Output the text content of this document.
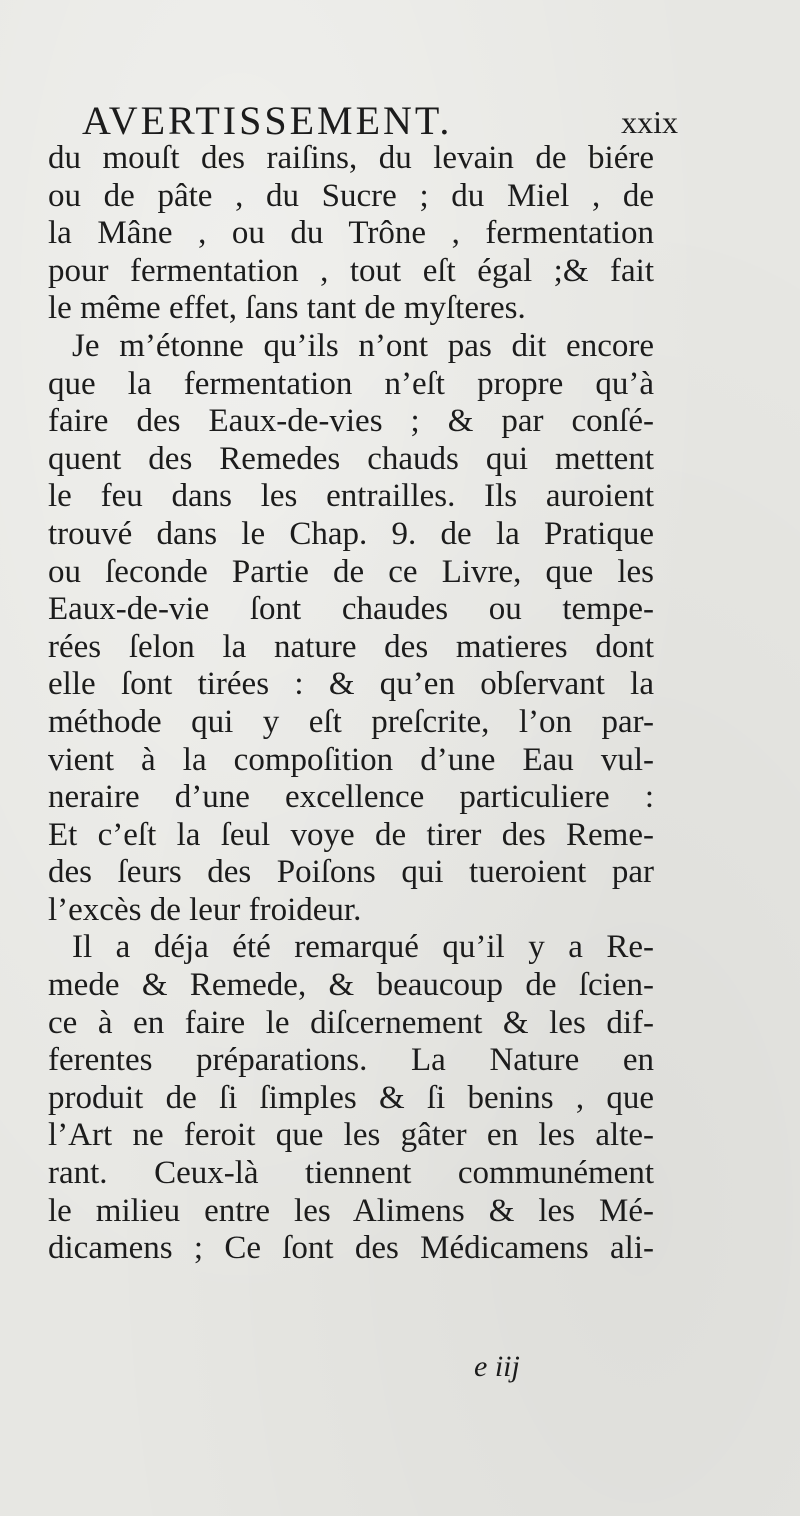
AVERTISSEMENT.	xxix
du mouſt des raiſins, du levain de biére
ou de pâte , du Sucre ; du Miel , de
la Mâne , ou du Trône , fermentation
pour fermentation , tout eſt égal ;& fait
le même effet, ſans tant de myſteres.
Je m’étonne qu’ils n’ont pas dit encore
que la fermentation n’eſt propre qu’à
faire des Eaux-de-vies ; & par conſé-
quent des Remedes chauds qui mettent
le feu dans les entrailles. Ils auroient
trouvé dans le Chap. 9. de la Pratique
ou ſeconde Partie de ce Livre, que les
Eaux-de-vie ſont chaudes ou tempe-
rées ſelon la nature des matieres dont
elle ſont tirées : & qu’en obſervant la
méthode qui y eſt preſcrite, l’on par-
vient à la compoſition d’une Eau vul-
neraire d’une excellence particuliere :
Et c’eſt la ſeul voye de tirer des Reme-
des ſeurs des Poiſons qui tueroient par
l’excès de leur froideur.
Il a déja été remarqué qu’il y a Re-
mede & Remede, & beaucoup de ſcien-
ce à en faire le diſcernement & les dif-
ferentes préparations. La Nature en
produit de ſi ſimples & ſi benins , que
l’Art ne feroit que les gâter en les alte-
rant. Ceux-là tiennent communément
le milieu entre les Alimens & les Mé-
dicamens ; Ce ſont des Médicamens ali-
e iij
